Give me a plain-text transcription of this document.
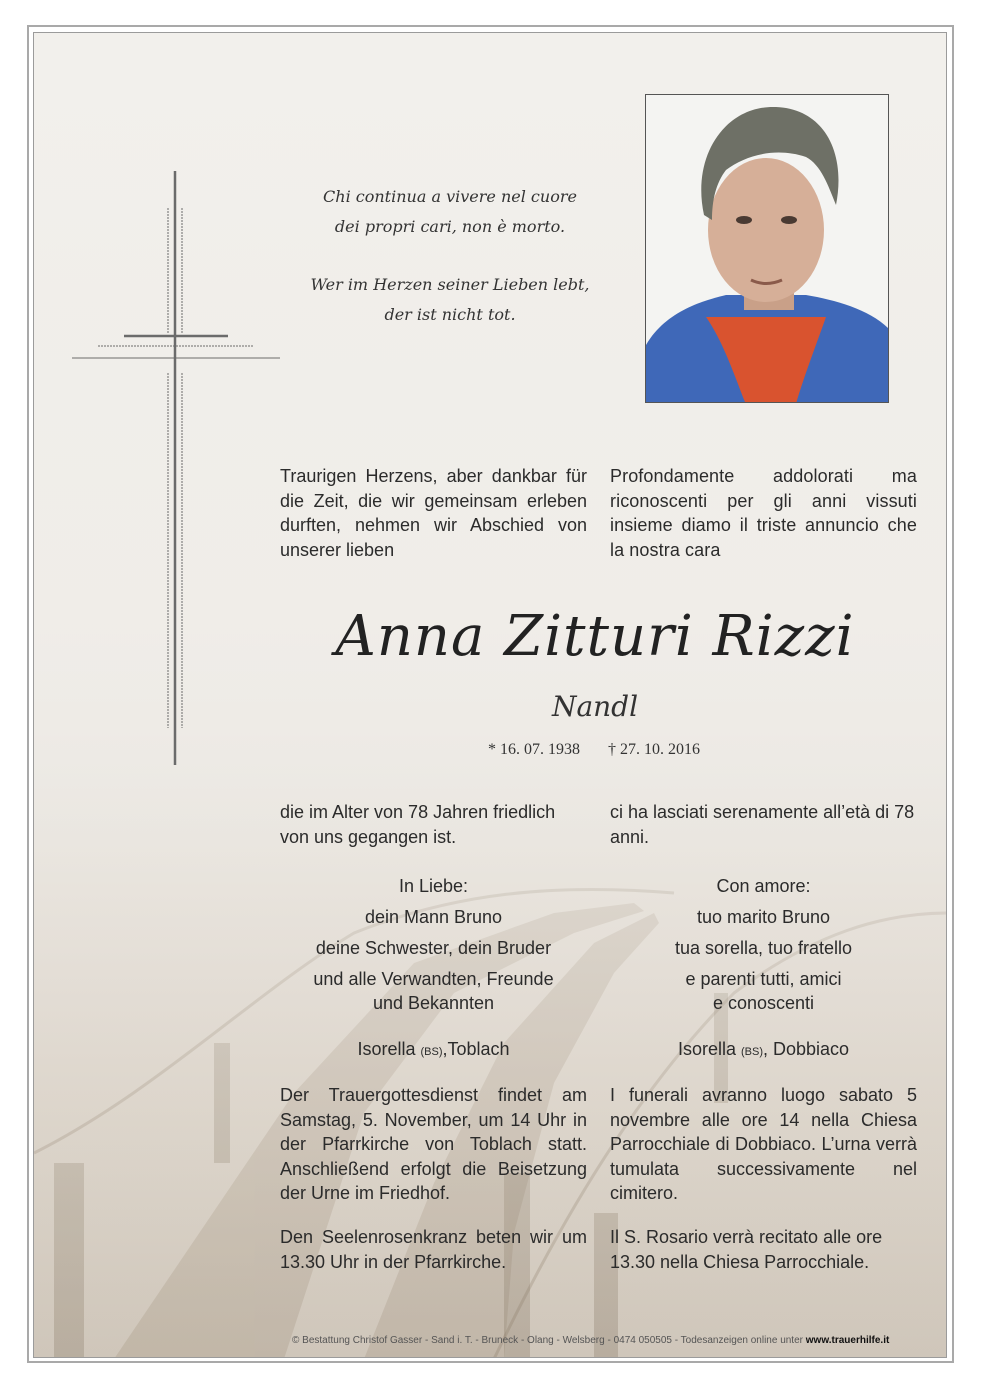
Chi continua a vivere nel cuore
dei propri cari, non è morto.
Wer im Herzen seiner Lieben lebt,
der ist nicht tot.
Traurigen Herzens, aber dankbar für die Zeit, die wir gemeinsam erleben durften, nehmen wir Abschied von unserer lieben
Profondamente addolorati ma riconoscenti per gli anni vissuti insieme diamo il triste annuncio che la nostra cara
Anna Zitturi Rizzi
Nandl
* 16. 07. 1938 † 27. 10. 2016
die im Alter von 78 Jahren friedlich von uns gegangen ist.
ci ha lasciati serenamente all’età di 78 anni.
In Liebe:
dein Mann Bruno
deine Schwester, dein Bruder
und alle Verwandten, Freunde
und Bekannten
Isorella (BS),Toblach
Con amore:
tuo marito Bruno
tua sorella, tuo fratello
e parenti tutti, amici
e conoscenti
Isorella (BS), Dobbiaco
Der Trauergottesdienst findet am Samstag, 5. November, um 14 Uhr in der Pfarrkirche von Toblach statt. Anschließend erfolgt die Beisetzung der Urne im Friedhof.
I funerali avranno luogo sabato 5 novembre alle ore 14 nella Chiesa Parrocchiale di Dobbiaco. L’urna verrà tumulata successivamente nel cimitero.
Den Seelenrosenkranz beten wir um 13.30 Uhr in der Pfarrkirche.
Il S. Rosario verrà recitato alle ore 13.30 nella Chiesa Parrocchiale.
© Bestattung Christof Gasser - Sand i. T. - Bruneck - Olang - Welsberg - 0474 050505 - Todesanzeigen online unter www.trauerhilfe.it
